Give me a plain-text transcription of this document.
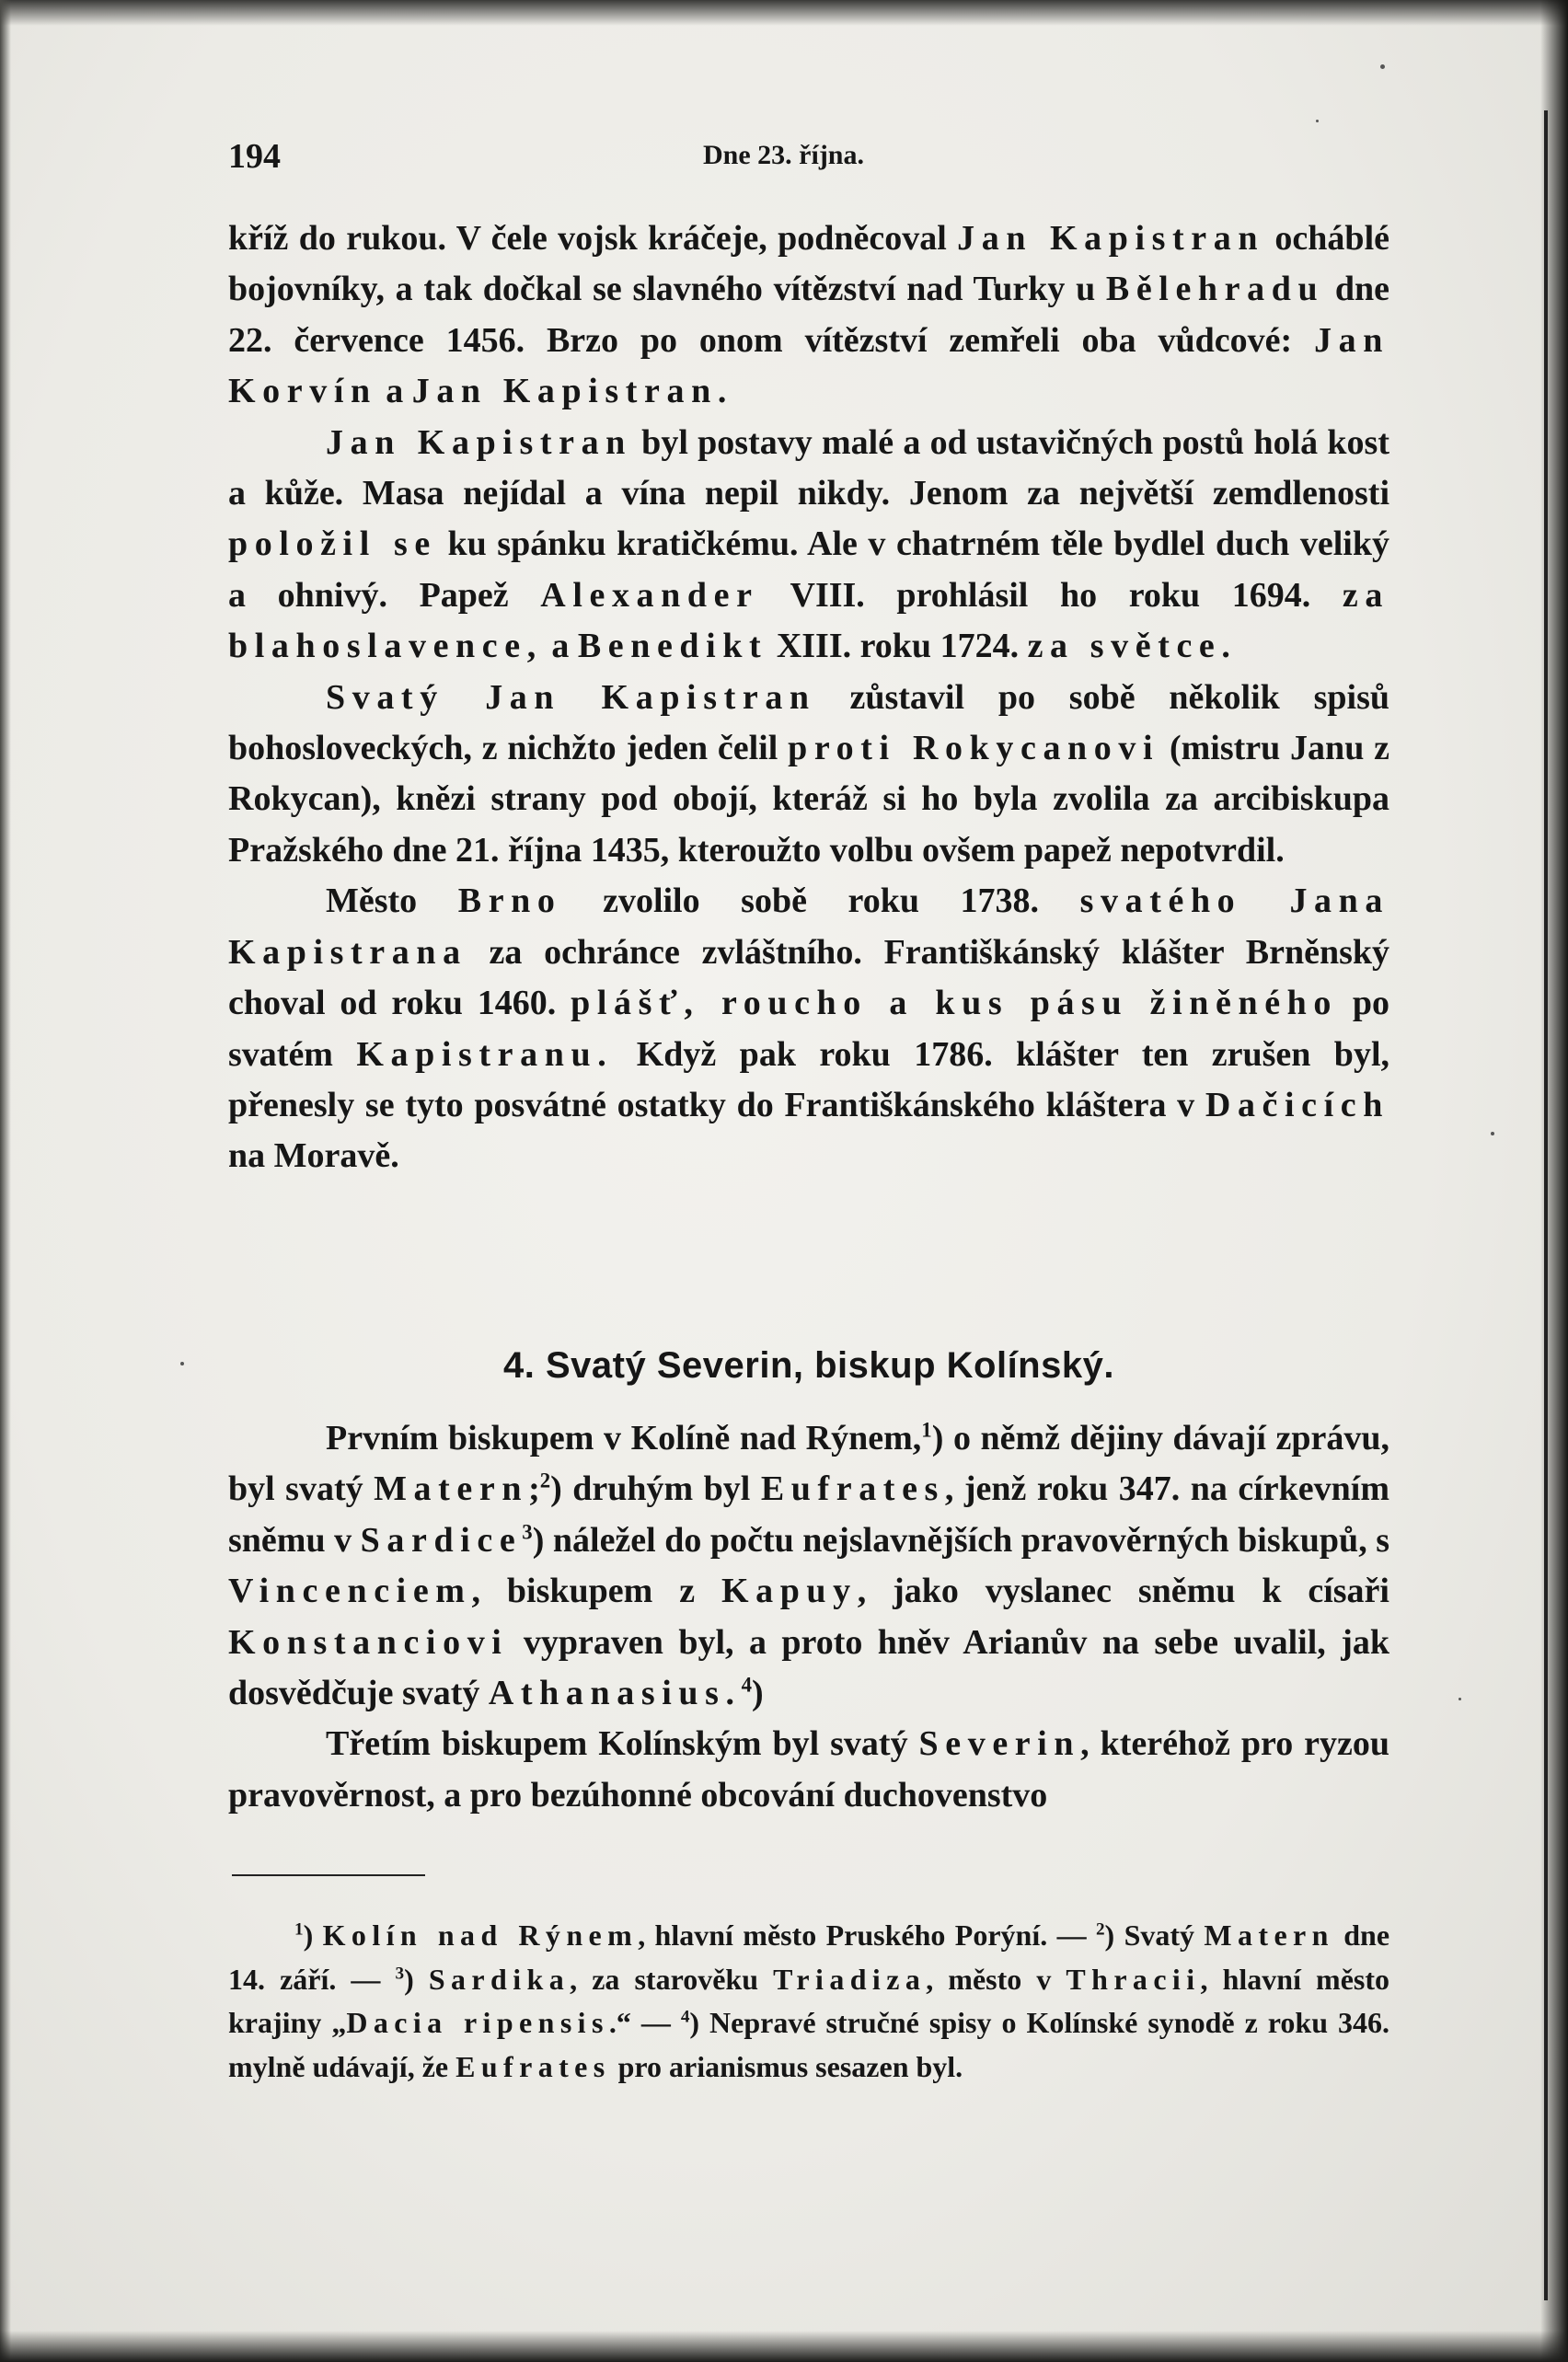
194	Dne 23. října.

kříž do rukou. V čele vojsk kráčeje, podněcoval Jan Kapistran ocháblé bojovníky, a tak dočkal se slavného vítězství nad Turky u Bělehradu dne 22. července 1456. Brzo po onom vítězství zemřeli oba vůdcové: Jan Korvín a Jan Kapistran.

Jan Kapistran byl postavy malé a od ustavičných postů holá kost a kůže. Masa nejídal a vína nepil nikdy. Jenom za největší zemdlenosti položil se ku spánku kratičkému. Ale v chatrném těle bydlel duch veliký a ohnivý. Papež Alexander VIII. prohlásil ho roku 1694. za blahoslavence, a Benedikt XIII. roku 1724. za světce.

Svatý Jan Kapistran zůstavil po sobě několik spisů bohosloveckých, z nichžto jeden čelil proti Rokycanovi (mistru Janu z Rokycan), knězi strany pod obojí, kteráž si ho byla zvolila za arcibiskupa Pražského dne 21. října 1435, kteroužto volbu ovšem papež nepotvrdil.

Město Brno zvolilo sobě roku 1738. svatého Jana Kapistrana za ochránce zvláštního. Františkánský klášter Brněnský choval od roku 1460. plášť, roucho a kus pásu žiněného po svatém Kapistranu. Když pak roku 1786. klášter ten zrušen byl, přenesly se tyto posvátné ostatky do Františkánského kláštera v Dačicích na Moravě.

4. Svatý Severin, biskup Kolínský.

Prvním biskupem v Kolíně nad Rýnem,$^1$) o němž dějiny dávají zprávu, byl svatý Matern;$^2$) druhým byl Eufrates, jenž roku 347. na církevním sněmu v Sardice$^3$) náležel do počtu nejslavnějších pravověrných biskupů, s Vincenciem, biskupem z Kapuy, jako vyslanec sněmu k císaři Konstanciovi vypraven byl, a proto hněv Arianův na sebe uvalil, jak dosvědčuje svatý Athanasius.$^4$)

Třetím biskupem Kolínským byl svatý Severin, kteréhož pro ryzou pravověrnost, a pro bezúhonné obcování duchovenstvo

$^1$) Kolín nad Rýnem, hlavní město Pruského Porýní. — $^2$) Svatý Matern dne 14. září. — $^3$) Sardika, za starověku Triadiza, město v Thracii, hlavní město krajiny „Dacia ripensis.“ — $^4$) Nepravé stručné spisy o Kolínské synodě z roku 346. mylně udávají, že Eufrates pro arianismus sesazen byl.
